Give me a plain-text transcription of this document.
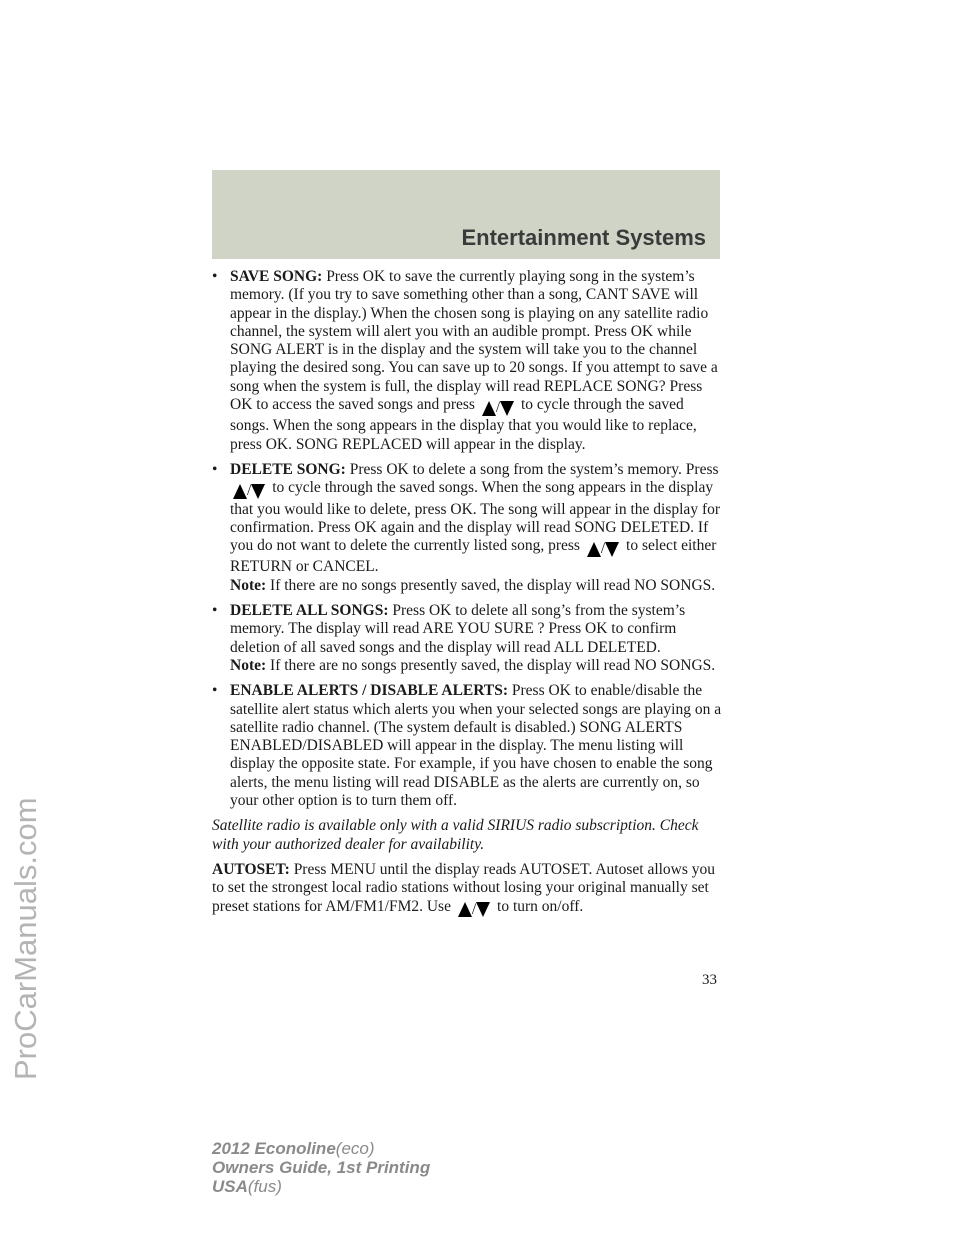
Entertainment Systems
ProCarManuals.com
• SAVE SONG: Press OK to save the currently playing song in the system’s memory. (If you try to save something other than a song, CANT SAVE will appear in the display.) When the chosen song is playing on any satellite radio channel, the system will alert you with an audible prompt. Press OK while SONG ALERT is in the display and the system will take you to the channel playing the desired song. You can save up to 20 songs. If you attempt to save a song when the system is full, the display will read REPLACE SONG? Press OK to access the saved songs and press / to cycle through the saved songs. When the song appears in the display that you would like to replace, press OK. SONG REPLACED will appear in the display.
• DELETE SONG: Press OK to delete a song from the system’s memory. Press / to cycle through the saved songs. When the song appears in the display that you would like to delete, press OK. The song will appear in the display for confirmation. Press OK again and the display will read SONG DELETED. If you do not want to delete the currently listed song, press / to select either RETURN or CANCEL.
Note: If there are no songs presently saved, the display will read NO SONGS.
• DELETE ALL SONGS: Press OK to delete all song’s from the system’s memory. The display will read ARE YOU SURE ? Press OK to confirm deletion of all saved songs and the display will read ALL DELETED.
Note: If there are no songs presently saved, the display will read NO SONGS.
• ENABLE ALERTS / DISABLE ALERTS: Press OK to enable/disable the satellite alert status which alerts you when your selected songs are playing on a satellite radio channel. (The system default is disabled.) SONG ALERTS ENABLED/DISABLED will appear in the display. The menu listing will display the opposite state. For example, if you have chosen to enable the song alerts, the menu listing will read DISABLE as the alerts are currently on, so your other option is to turn them off.
Satellite radio is available only with a valid SIRIUS radio subscription. Check with your authorized dealer for availability.
AUTOSET: Press MENU until the display reads AUTOSET. Autoset allows you to set the strongest local radio stations without losing your original manually set preset stations for AM/FM1/FM2. Use / to turn on/off.
33
2012 Econoline(eco)
Owners Guide, 1st Printing
USA(fus)
